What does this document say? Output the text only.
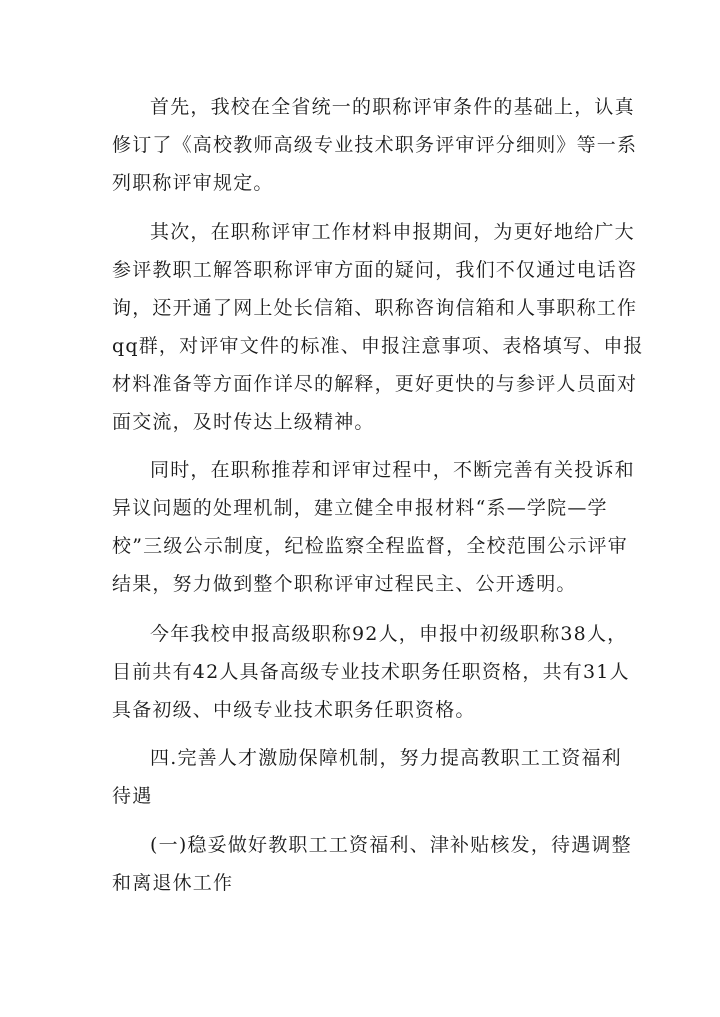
首先，我校在全省统一的职称评审条件的基础上，认真
修订了《高校教师高级专业技术职务评审评分细则》等一系
列职称评审规定。
其次，在职称评审工作材料申报期间，为更好地给广大
参评教职工解答职称评审方面的疑问，我们不仅通过电话咨
询，还开通了网上处长信箱、职称咨询信箱和人事职称工作
qq群，对评审文件的标准、申报注意事项、表格填写、申报
材料准备等方面作详尽的解释，更好更快的与参评人员面对
面交流，及时传达上级精神。
同时，在职称推荐和评审过程中，不断完善有关投诉和
异议问题的处理机制，建立健全申报材料“系—学院—学
校”三级公示制度，纪检监察全程监督，全校范围公示评审
结果，努力做到整个职称评审过程民主、公开透明。
今年我校申报高级职称92人，申报中初级职称38人，
目前共有42人具备高级专业技术职务任职资格，共有31人
具备初级、中级专业技术职务任职资格。
四.完善人才激励保障机制，努力提高教职工工资福利
待遇
(一)稳妥做好教职工工资福利、津补贴核发，待遇调整
和离退休工作
